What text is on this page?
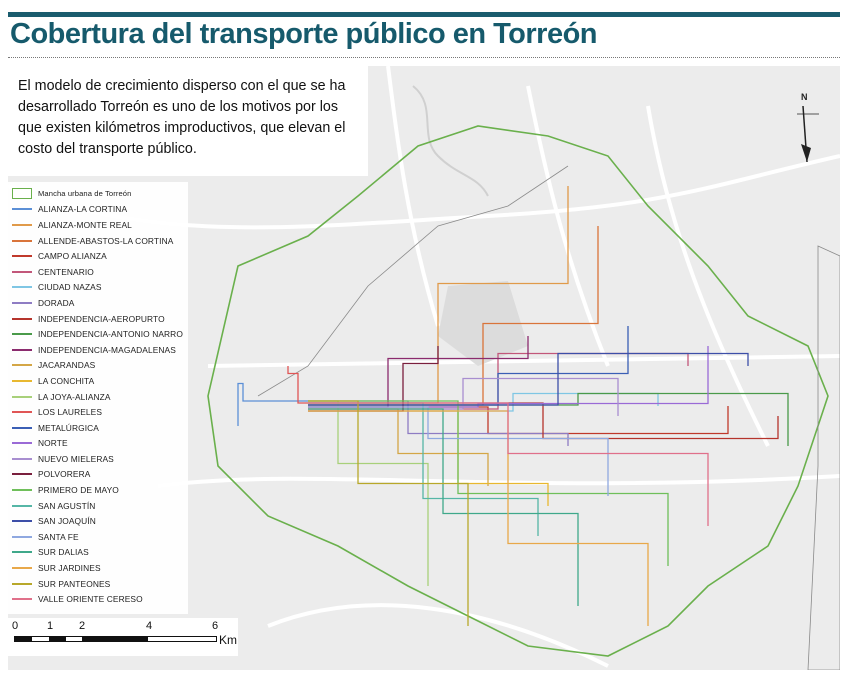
Cobertura del transporte público en Torreón

El modelo de crecimiento disperso con el que se ha desarrollado Torreón es uno de los motivos por los que existen kilómetros improductivos, que elevan el costo del transporte público.

Mancha urbana de Torreón
ALIANZA-LA CORTINA
ALIANZA-MONTE REAL
ALLENDE-ABASTOS-LA CORTINA
CAMPO ALIANZA
CENTENARIO
CIUDAD NAZAS
DORADA
INDEPENDENCIA-AEROPURTO
INDEPENDENCIA-ANTONIO NARRO
INDEPENDENCIA-MAGADALENAS
JACARANDAS
LA CONCHITA
LA JOYA-ALIANZA
LOS LAURELES
METALÚRGICA
NORTE
NUEVO MIELERAS
POLVORERA
PRIMERO DE MAYO
SAN AGUSTÍN
SAN JOAQUÍN
SANTA FE
SUR DALIAS
SUR JARDINES
SUR PANTEONES
VALLE ORIENTE CERESO
0	1 2	4	6
Km
N
